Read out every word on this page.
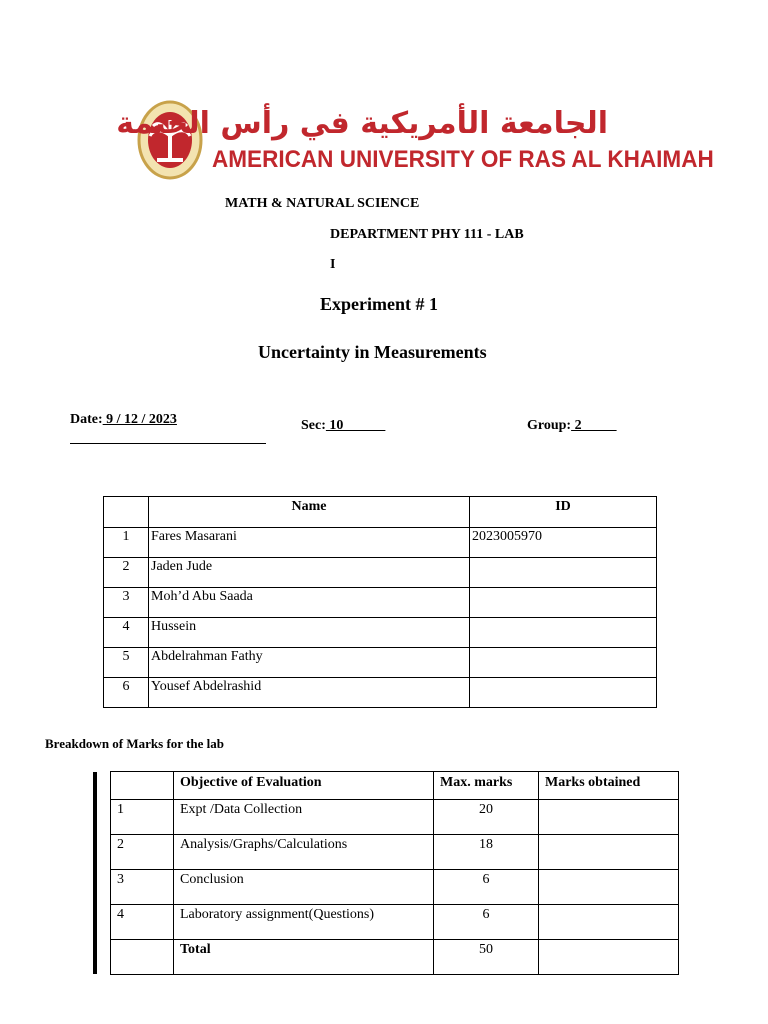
الجامعة الأمريكية في رأس الخيمة
AMERICAN UNIVERSITY OF RAS AL KHAIMAH
MATH & NATURAL SCIENCE
DEPARTMENT PHY 111 - LAB
I
Experiment # 1
Uncertainty in Measurements
Date: 9 / 12 / 2023	Sec: 10	Group: 2
	Name	ID
1	Fares Masarani	2023005970
2	Jaden Jude	
3	Moh’d Abu Saada	
4	Hussein	
5	Abdelrahman Fathy	
6	Yousef Abdelrashid	
Breakdown of Marks for the lab
	Objective of Evaluation	Max. marks	Marks obtained
1	Expt /Data Collection	20	
2	Analysis/Graphs/Calculations	18	
3	Conclusion	6	
4	Laboratory assignment(Questions)	6	
	Total	50	
